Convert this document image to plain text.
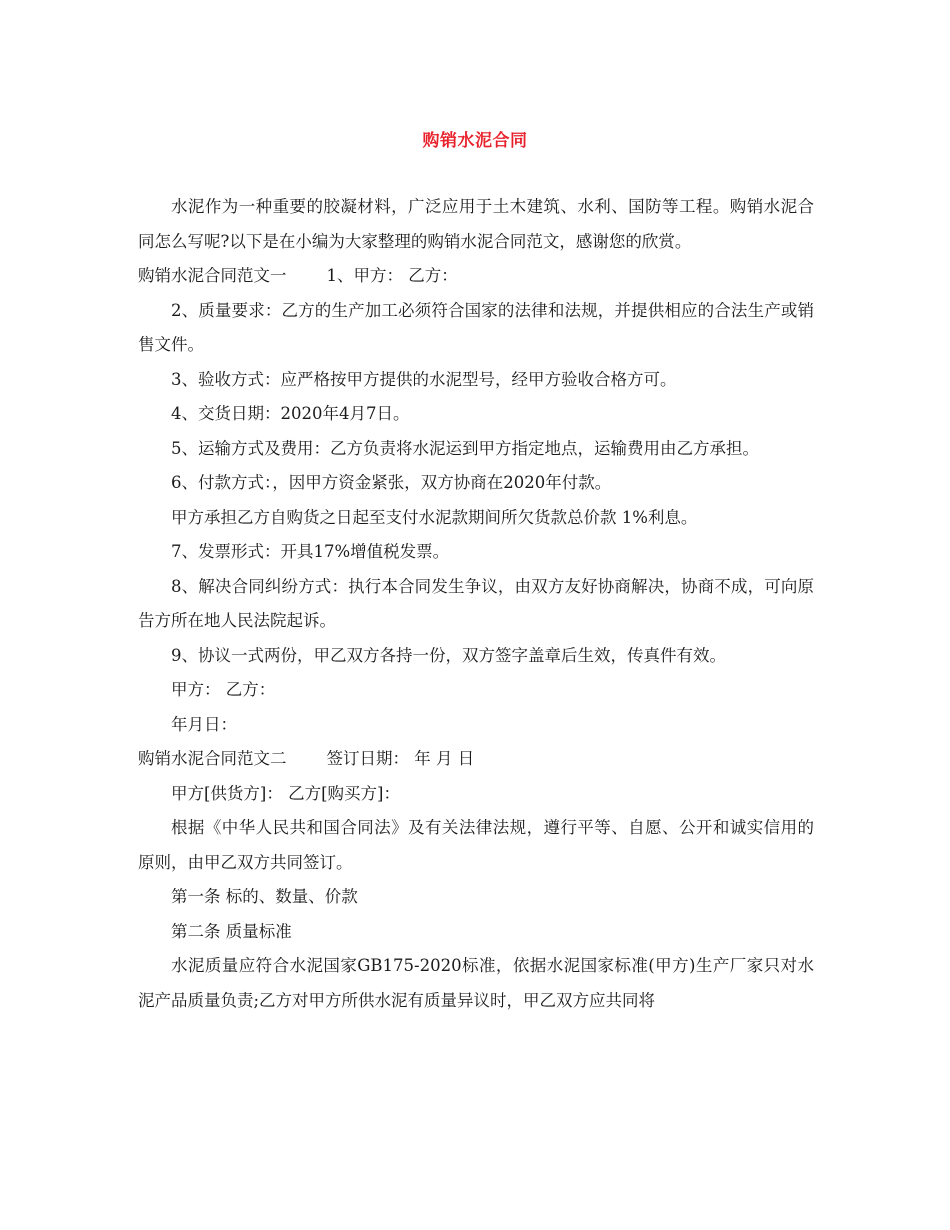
购销水泥合同

水泥作为一种重要的胶凝材料，广泛应用于土木建筑、水利、国防等工程。购销水泥合同怎么写呢?以下是在小编为大家整理的购销水泥合同范文，感谢您的欣赏。

购销水泥合同范文一 1、甲方： 乙方：

2、质量要求：乙方的生产加工必须符合国家的法律和法规，并提供相应的合法生产或销售文件。

3、验收方式：应严格按甲方提供的水泥型号，经甲方验收合格方可。

4、交货日期：2020年4月7日。

5、运输方式及费用：乙方负责将水泥运到甲方指定地点，运输费用由乙方承担。

6、付款方式：，因甲方资金紧张，双方协商在2020年付款。

甲方承担乙方自购货之日起至支付水泥款期间所欠货款总价款 1%利息。

7、发票形式：开具17%增值税发票。

8、解决合同纠纷方式：执行本合同发生争议，由双方友好协商解决，协商不成，可向原告方所在地人民法院起诉。

9、协议一式两份，甲乙双方各持一份，双方签字盖章后生效，传真件有效。

甲方： 乙方：

年月日：

购销水泥合同范文二 签订日期： 年 月 日

甲方[供货方]： 乙方[购买方]：

根据《中华人民共和国合同法》及有关法律法规，遵行平等、自愿、公开和诚实信用的原则，由甲乙双方共同签订。

第一条 标的、数量、价款

第二条 质量标准

水泥质量应符合水泥国家GB175-2020标准，依据水泥国家标准(甲方)生产厂家只对水泥产品质量负责;乙方对甲方所供水泥有质量异议时，甲乙双方应共同将
